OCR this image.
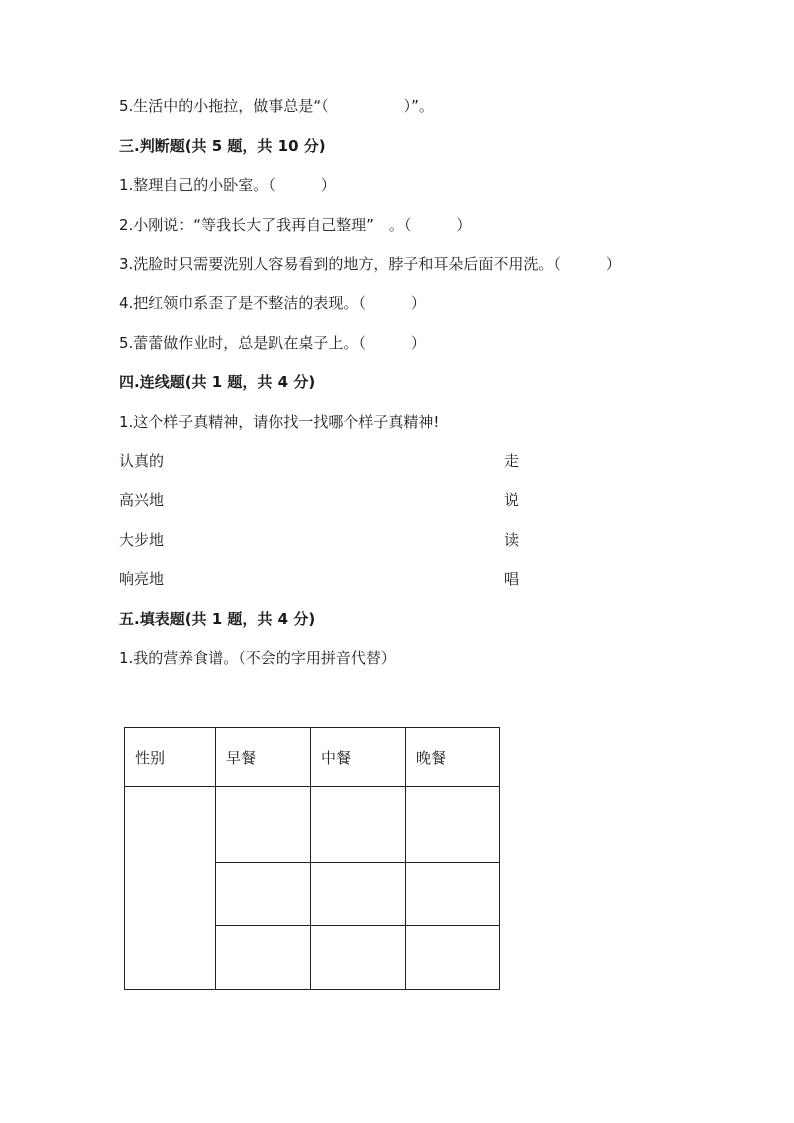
5.生活中的小拖拉，做事总是“（　　　　　）”。
三.判断题(共 5 题，共 10 分)
1.整理自己的小卧室。（　　　）
2.小刚说：“等我长大了我再自己整理”　。（　　　）
3.洗脸时只需要洗别人容易看到的地方，脖子和耳朵后面不用洗。（　　　）
4.把红领巾系歪了是不整洁的表现。（　　　）
5.蕾蕾做作业时，总是趴在桌子上。（　　　）
四.连线题(共 1 题，共 4 分)
1.这个样子真精神，请你找一找哪个样子真精神!
认真的	走
高兴地	说
大步地	读
响亮地	唱
五.填表题(共 1 题，共 4 分)
1.我的营养食谱。（不会的字用拼音代替）
性别	早餐	中餐	晚餐
